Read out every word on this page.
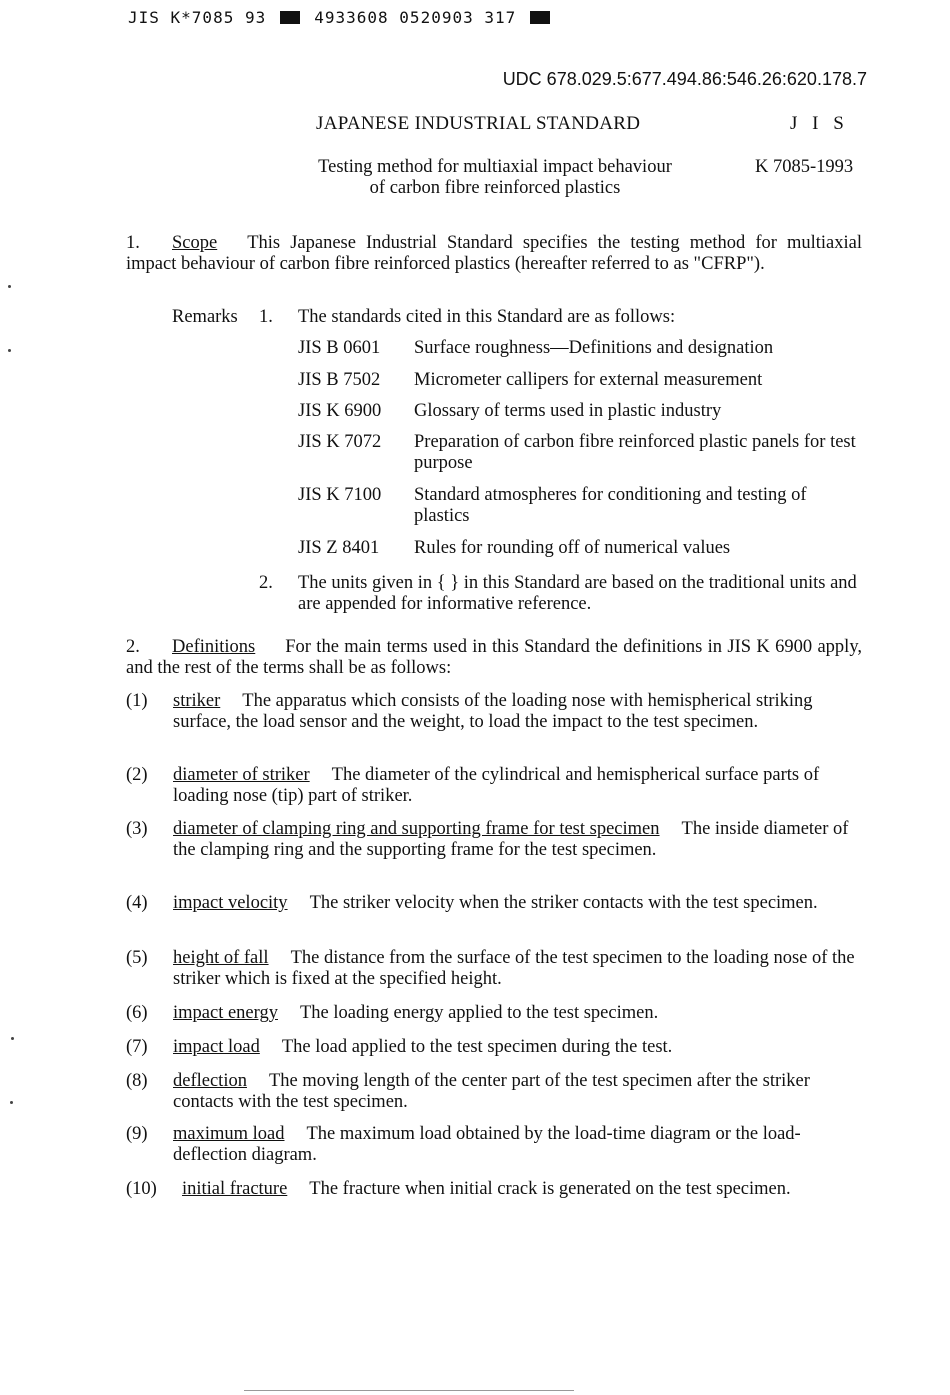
JIS K*7085 93	4933608 0520903 317
UDC 678.029.5:677.494.86:546.26:620.178.7
JAPANESE INDUSTRIAL STANDARD	J I S
Testing method for multiaxial impact behaviour
of carbon fibre reinforced plastics
K 7085-1993
1. Scope This Japanese Industrial Standard specifies the testing method for multiaxial impact behaviour of carbon fibre reinforced plastics (hereafter referred to as "CFRP").
Remarks 1. The standards cited in this Standard are as follows:
JIS B 0601	Surface roughness—Definitions and designation
JIS B 7502	Micrometer callipers for external measurement
JIS K 6900	Glossary of terms used in plastic industry
JIS K 7072	Preparation of carbon fibre reinforced plastic panels for test purpose
JIS K 7100	Standard atmospheres for conditioning and testing of plastics
JIS Z 8401	Rules for rounding off of numerical values
2. The units given in { } in this Standard are based on the traditional units and are appended for informative reference.
2. Definitions For the main terms used in this Standard the definitions in JIS K 6900 apply, and the rest of the terms shall be as follows:
(1)	striker The apparatus which consists of the loading nose with hemispherical striking surface, the load sensor and the weight, to load the impact to the test specimen.
(2)	diameter of striker The diameter of the cylindrical and hemispherical surface parts of loading nose (tip) part of striker.
(3)	diameter of clamping ring and supporting frame for test specimen The inside diameter of the clamping ring and the supporting frame for the test specimen.
(4)	impact velocity The striker velocity when the striker contacts with the test specimen.
(5)	height of fall The distance from the surface of the test specimen to the loading nose of the striker which is fixed at the specified height.
(6)	impact energy The loading energy applied to the test specimen.
(7)	impact load The load applied to the test specimen during the test.
(8)	deflection The moving length of the center part of the test specimen after the striker contacts with the test specimen.
(9)	maximum load The maximum load obtained by the load-time diagram or the load-deflection diagram.
(10)	initial fracture The fracture when initial crack is generated on the test specimen.
